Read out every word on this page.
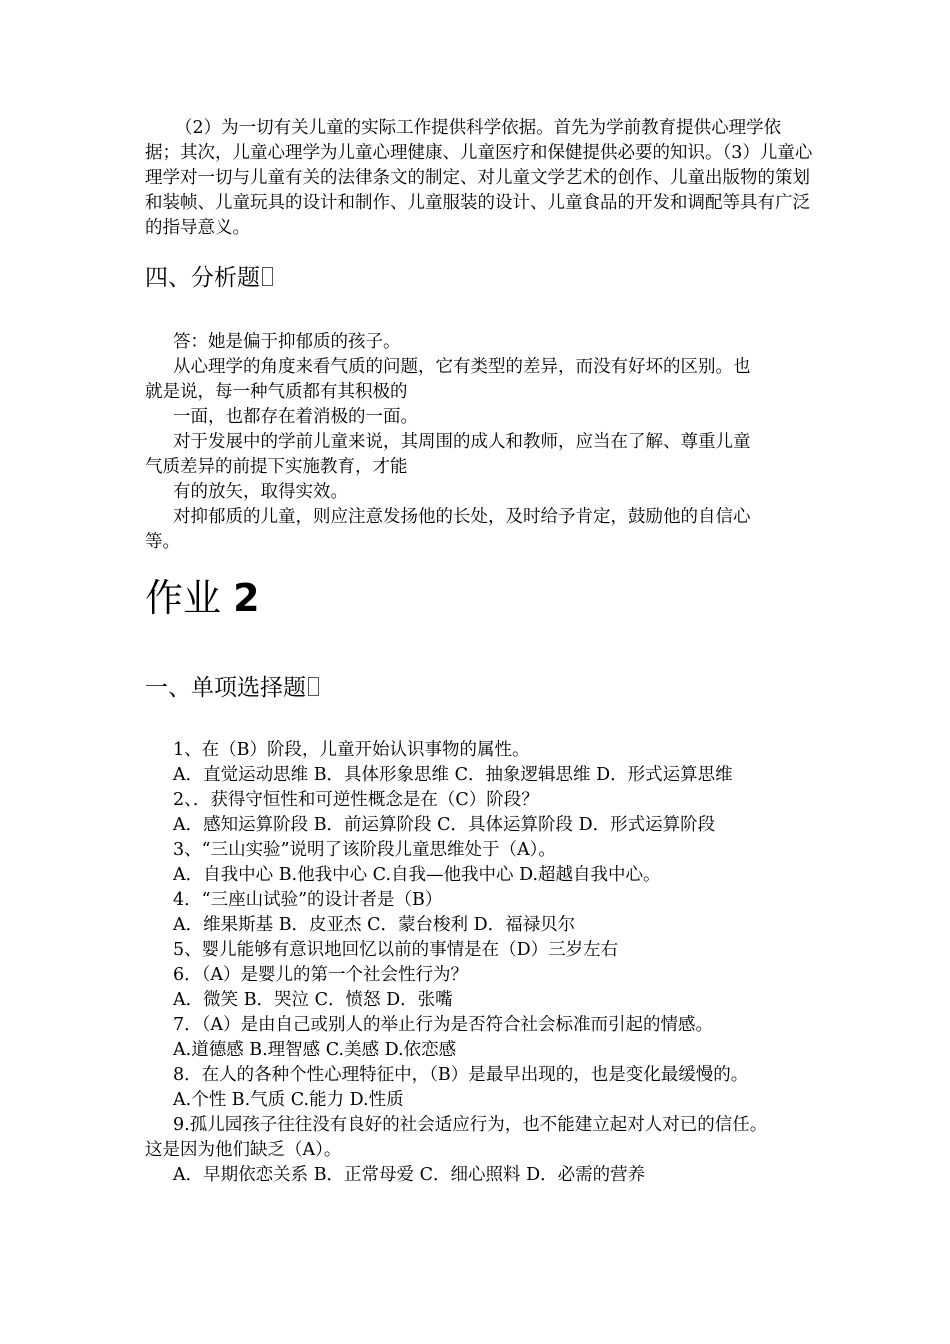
（2）为一切有关儿童的实际工作提供科学依据。首先为学前教育提供心理学依据；其次，儿童心理学为儿童心理健康、儿童医疗和保健提供必要的知识。（3）儿童心理学对一切与儿童有关的法律条文的制定、对儿童文学艺术的创作、儿童出版物的策划和装帧、儿童玩具的设计和制作、儿童服装的设计、儿童食品的开发和调配等具有广泛的指导意义。

四、分析题

答：她是偏于抑郁质的孩子。

从心理学的角度来看气质的问题，它有类型的差异，而没有好坏的区别。也

就是说，每一种气质都有其积极的

一面，也都存在着消极的一面。

对于发展中的学前儿童来说，其周围的成人和教师，应当在了解、尊重儿童

气质差异的前提下实施教育，才能

有的放矢，取得实效。

对抑郁质的儿童，则应注意发扬他的长处，及时给予肯定，鼓励他的自信心

等。

作业 2
一、单项选择题

1、在（B）阶段，儿童开始认识事物的属性。

A．直觉运动思维 B．具体形象思维 C．抽象逻辑思维 D．形式运算思维

2、．获得守恒性和可逆性概念是在（C）阶段？

A．感知运算阶段 B．前运算阶段 C．具体运算阶段 D．形式运算阶段

3、“三山实验”说明了该阶段儿童思维处于（A）。

A．自我中心 B.他我中心 C.自我—他我中心 D.超越自我中心。

4．“三座山试验”的设计者是（B）

A．维果斯基 B．皮亚杰 C．蒙台梭利 D．福禄贝尔

5、婴儿能够有意识地回忆以前的事情是在（D）三岁左右

6．（A）是婴儿的第一个社会性行为？

A．微笑 B．哭泣 C．愤怒 D．张嘴

7．（A）是由自己或别人的举止行为是否符合社会标准而引起的情感。

A.道德感 B.理智感 C.美感 D.依恋感

8．在人的各种个性心理特征中，（B）是最早出现的，也是变化最缓慢的。

A.个性 B.气质 C.能力 D.性质

9.孤儿园孩子往往没有良好的社会适应行为，也不能建立起对人对已的信任。

这是因为他们缺乏（A）。

A．早期依恋关系 B．正常母爱 C．细心照料 D．必需的营养
